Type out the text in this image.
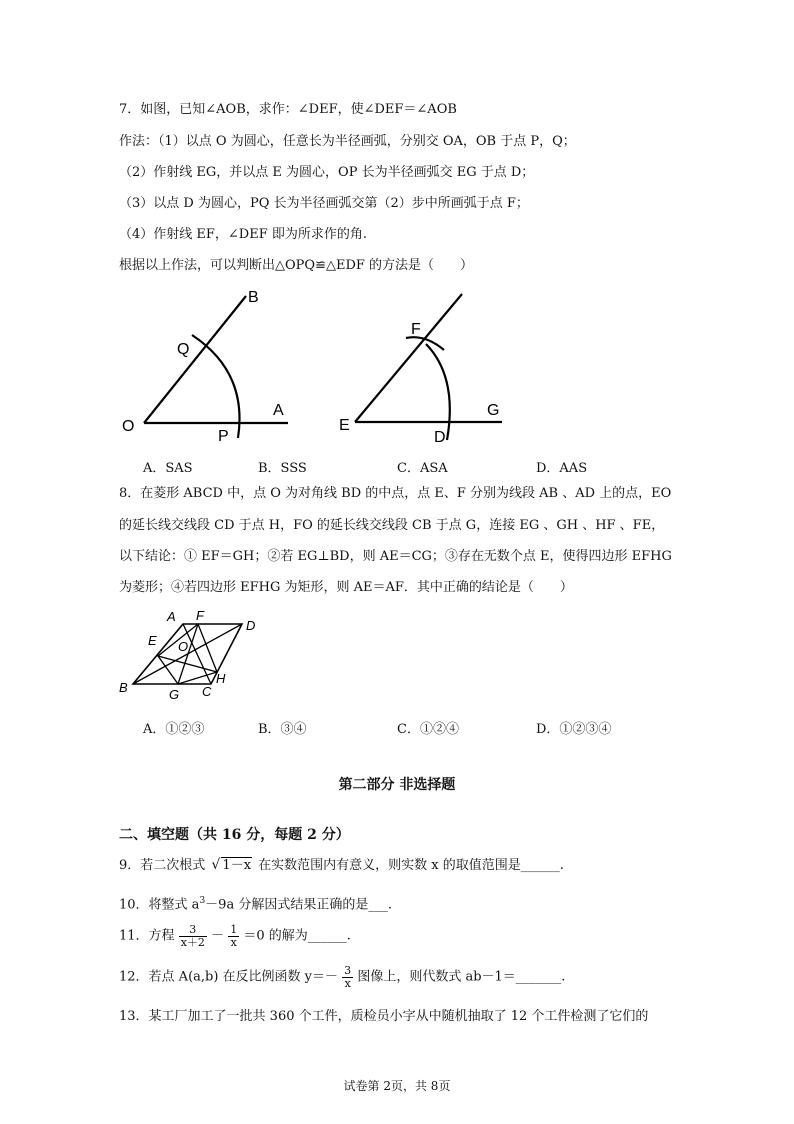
7．如图，已知∠AOB，求作：∠DEF，使∠DEF＝∠AOB
作法：（1）以点 O 为圆心，任意长为半径画弧，分别交 OA，OB 于点 P，Q；
（2）作射线 EG，并以点 E 为圆心，OP 长为半径画弧交 EG 于点 D；
（3）以点 D 为圆心，PQ 长为半径画弧交第（2）步中所画弧于点 F；
（4）作射线 EF，∠DEF 即为所求作的角.
根据以上作法，可以判断出△OPQ≌△EDF 的方法是（　　）
B
Q
O
A
P
F
E
G
D
A．SAS	B．SSS	C．ASA	D．AAS
8．在菱形 ABCD 中，点 O 为对角线 BD 的中点，点 E、F 分别为线段 AB 、AD 上的点，EO
的延长线交线段 CD 于点 H，FO 的延长线交线段 CB 于点 G，连接 EG 、GH 、HF 、FE，
以下结论：① EF＝GH；②若 EG⊥BD，则 AE＝CG；③存在无数个点 E，使得四边形 EFHG
为菱形；④若四边形 EFHG 为矩形，则 AE＝AF．其中正确的结论是（　　）
A F
D
E O
H
B	G C
A．①②③	B．③④	C．①②④	D．①②③④
第二部分 非选择题
二、填空题（共 16 分，每题 2 分）
9．若二次根式 √ 1－x 在实数范围内有意义，则实数 x 的取值范围是______.
10．将整式 $a^3-9a$ 分解因式结果正确的是___.
11．方程 $\frac{3}{x+2} - \frac{1}{x} =0$ 的解为______.
12．若点 A(a,b) 在反比例函数 $y=- \frac{3}{x}$ 图像上，则代数式 ab－1＝_______.
13．某工厂加工了一批共 360 个工件，质检员小字从中随机抽取了 12 个工件检测了它们的
试卷第 2页，共 8页
